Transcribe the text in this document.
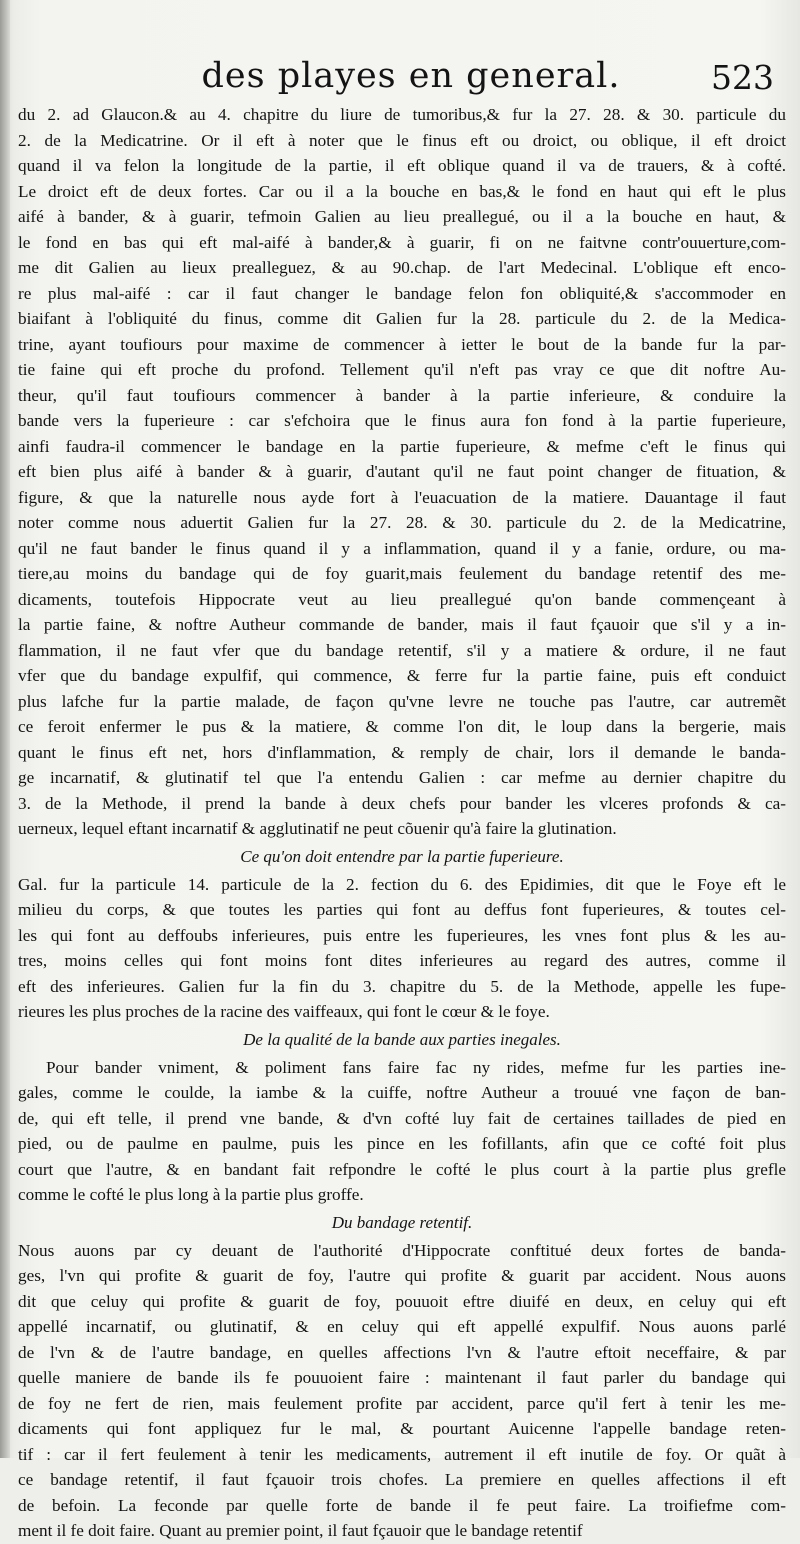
des playes en general.	523

du 2. ad Glaucon.& au 4. chapitre du liure de tumoribus,& fur la 27. 28. & 30. particule du
2. de la Medicatrine. Or il eft à noter que le finus eft ou droict, ou oblique, il eft droict
quand il va felon la longitude de la partie, il eft oblique quand il va de trauers, & à cofté.
Le droict eft de deux fortes. Car ou il a la bouche en bas,& le fond en haut qui eft le plus
aifé à bander, & à guarir, tefmoin Galien au lieu preallegué, ou il a la bouche en haut, &
le fond en bas qui eft mal-aifé à bander,& à guarir, fi on ne faitvne contr'ouuerture,com-
me dit Galien au lieux prealleguez, & au 90.chap. de l'art Medecinal. L'oblique eft enco-
re plus mal-aifé : car il faut changer le bandage felon fon obliquité,& s'accommoder en
biaifant à l'obliquité du finus, comme dit Galien fur la 28. particule du 2. de la Medica-
trine, ayant toufiours pour maxime de commencer à ietter le bout de la bande fur la par-
tie faine qui eft proche du profond. Tellement qu'il n'eft pas vray ce que dit noftre Au-
theur, qu'il faut toufiours commencer à bander à la partie inferieure, & conduire la
bande vers la fuperieure : car s'efchoira que le finus aura fon fond à la partie fuperieure,
ainfi faudra-il commencer le bandage en la partie fuperieure, & mefme c'eft le finus qui
eft bien plus aifé à bander & à guarir, d'autant qu'il ne faut point changer de fituation, &
figure, & que la naturelle nous ayde fort à l'euacuation de la matiere. Dauantage il faut
noter comme nous aduertit Galien fur la 27. 28. & 30. particule du 2. de la Medicatrine,
qu'il ne faut bander le finus quand il y a inflammation, quand il y a fanie, ordure, ou ma-
tiere,au moins du bandage qui de foy guarit,mais feulement du bandage retentif des me-
dicaments, toutefois Hippocrate veut au lieu preallegué qu'on bande commençeant à
la partie faine, & noftre Autheur commande de bander, mais il faut fçauoir que s'il y a in-
flammation, il ne faut vfer que du bandage retentif, s'il y a matiere & ordure, il ne faut
vfer que du bandage expulfif, qui commence, & ferre fur la partie faine, puis eft conduict
plus lafche fur la partie malade, de façon qu'vne levre ne touche pas l'autre, car autremẽt
ce feroit enfermer le pus & la matiere, & comme l'on dit, le loup dans la bergerie, mais
quant le finus eft net, hors d'inflammation, & remply de chair, lors il demande le banda-
ge incarnatif, & glutinatif tel que l'a entendu Galien : car mefme au dernier chapitre du
3. de la Methode, il prend la bande à deux chefs pour bander les vlceres profonds & ca-
uerneux, lequel eftant incarnatif & agglutinatif ne peut cõuenir qu'à faire la glutination.

Ce qu'on doit entendre par la partie fuperieure.

Gal. fur la particule 14. particule de la 2. fection du 6. des Epidimies, dit que le Foye eft le
milieu du corps, & que toutes les parties qui font au deffus font fuperieures, & toutes cel-
les qui font au deffoubs inferieures, puis entre les fuperieures, les vnes font plus & les au-
tres, moins celles qui font moins font dites inferieures au regard des autres, comme il
eft des inferieures. Galien fur la fin du 3. chapitre du 5. de la Methode, appelle les fupe-
rieures les plus proches de la racine des vaiffeaux, qui font le cœur & le foye.

De la qualité de la bande aux parties inegales.

Pour bander vniment, & poliment fans faire fac ny rides, mefme fur les parties ine-
gales, comme le coulde, la iambe & la cuiffe, noftre Autheur a trouué vne façon de ban-
de, qui eft telle, il prend vne bande, & d'vn cofté luy fait de certaines taillades de pied en
pied, ou de paulme en paulme, puis les pince en les fofillants, afin que ce cofté foit plus
court que l'autre, & en bandant fait refpondre le cofté le plus court à la partie plus grefle
comme le cofté le plus long à la partie plus groffe.

Du bandage retentif.

Nous auons par cy deuant de l'authorité d'Hippocrate conftitué deux fortes de banda-
ges, l'vn qui profite & guarit de foy, l'autre qui profite & guarit par accident. Nous auons
dit que celuy qui profite & guarit de foy, pouuoit eftre diuifé en deux, en celuy qui eft
appellé incarnatif, ou glutinatif, & en celuy qui eft appellé expulfif. Nous auons parlé
de l'vn & de l'autre bandage, en quelles affections l'vn & l'autre eftoit neceffaire, & par
quelle maniere de bande ils fe pouuoient faire : maintenant il faut parler du bandage qui
de foy ne fert de rien, mais feulement profite par accident, parce qu'il fert à tenir les me-
dicaments qui font appliquez fur le mal, & pourtant Auicenne l'appelle bandage reten-
tif : car il fert feulement à tenir les medicaments, autrement il eft inutile de foy. Or quãt à
ce bandage retentif, il faut fçauoir trois chofes. La premiere en quelles affections il eft
de befoin. La feconde par quelle forte de bande il fe peut faire. La troifiefme com-
ment il fe doit faire. Quant au premier point, il faut fçauoir que le bandage retentif
